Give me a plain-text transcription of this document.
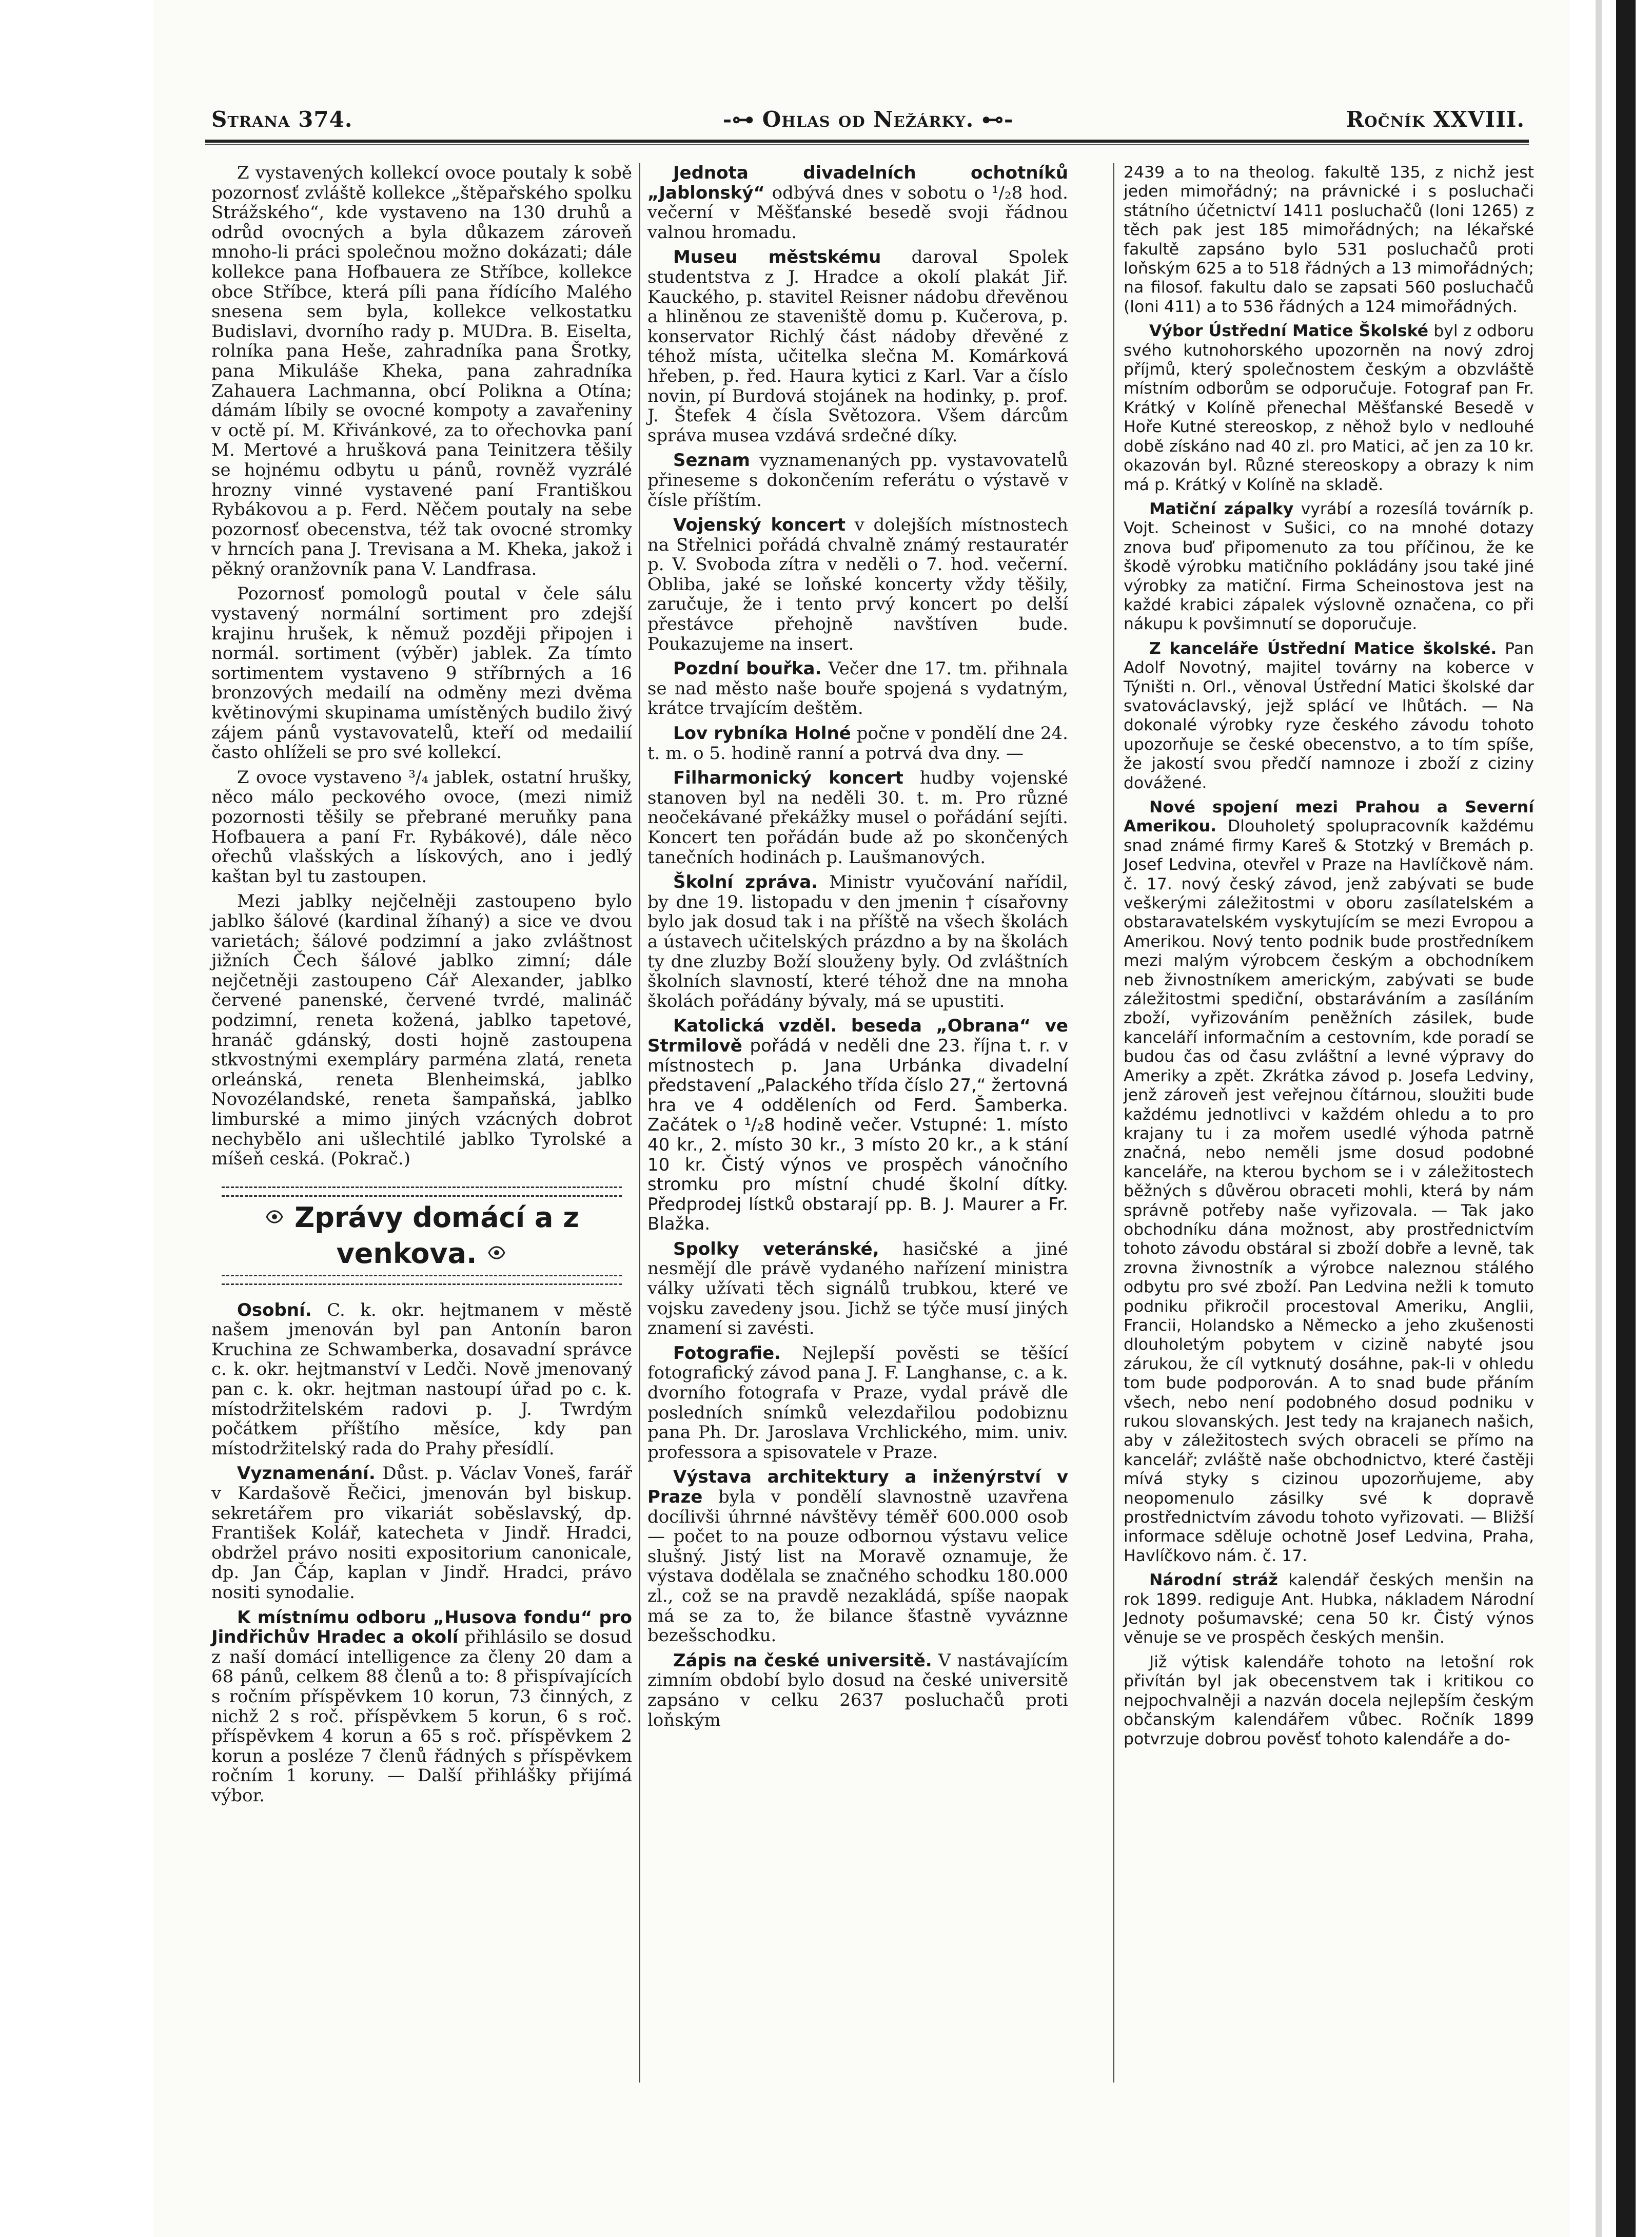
Strana 374.	-⊶ Ohlas od Nežárky. ⊷-	Ročník XXVIII.

Z vystavených kollekcí ovoce poutaly k sobě pozornosť zvláště kollekce „štěpařského spolku Strážského“, kde vystaveno na 130 druhů a odrůd ovocných a byla důkazem zároveň mnoho-li práci společnou možno dokázati; dále kollekce pana Hofbauera ze Stříbce, kollekce obce Stříbce, která píli pana řídícího Malého snesena sem byla, kollekce velkostatku Budislavi, dvorního rady p. MUDra. B. Eiselta, rolníka pana Heše, zahradníka pana Šrotky, pana Mikuláše Kheka, pana zahradníka Zahauera Lachmanna, obcí Polikna a Otína; dámám líbily se ovocné kompoty a zavařeniny v octě pí. M. Křivánkové, za to ořechovka paní M. Mertové a hrušková pana Teinitzera těšily se hojnému odbytu u pánů, rovněž vyzrálé hrozny vinné vystavené paní Františkou Rybákovou a p. Ferd. Něčem poutaly na sebe pozornosť obecenstva, též tak ovocné stromky v hrncích pana J. Trevisana a M. Kheka, jakož i pěkný oranžovník pana V. Landfrasa.

Pozornosť pomologů poutal v čele sálu vystavený normální sortiment pro zdejší krajinu hrušek, k němuž později připojen i normál. sortiment (výběr) jablek. Za tímto sortimentem vystaveno 9 stříbrných a 16 bronzových medailí na odměny mezi dvěma květinovými skupinama umístěných budilo živý zájem pánů vystavovatelů, kteří od medailií často ohlíželi se pro své kollekcí.

Z ovoce vystaveno ³/₄ jablek, ostatní hrušky, něco málo peckového ovoce, (mezi nimiž pozornosti těšily se přebrané meruňky pana Hofbauera a paní Fr. Rybákové), dále něco ořechů vlašských a lískových, ano i jedlý kaštan byl tu zastoupen.

Mezi jablky nejčelněji zastoupeno bylo jablko šálové (kardinal žíhaný) a sice ve dvou varietách; šálové podzimní a jako zvláštnost jižních Čech šálové jablko zimní; dále nejčetněji zastoupeno Cář Alexander, jablko červené panenské, červené tvrdé, malináč podzimní, reneta kožená, jablko tapetové, hranáč gdánský, dosti hojně zastoupena stkvostnými exempláry parména zlatá, reneta orleánská, reneta Blenheimská, jablko Novozélandské, reneta šampaňská, jablko limburské a mimo jiných vzácných dobrot nechybělo ani ušlechtilé jablko Tyrolské a míšeň ceská. (Pokrač.)

Zprávy domácí a z venkova.

Osobní. C. k. okr. hejtmanem v městě našem jmenován byl pan Antonín baron Kruchina ze Schwamberka, dosavadní správce c. k. okr. hejtmanství v Ledči. Nově jmenovaný pan c. k. okr. hejtman nastoupí úřad po c. k. místodržitelském radovi p. J. Twrdým počátkem příštího měsíce, kdy pan místodržitelský rada do Prahy přesídlí.

Vyznamenání. Důst. p. Václav Voneš, farář v Kardašově Řečici, jmenován byl biskup. sekretářem pro vikariát soběslavský, dp. František Kolář, katecheta v Jindř. Hradci, obdržel právo nositi expositorium canonicale, dp. Jan Čáp, kaplan v Jindř. Hradci, právo nositi synodalie.

K místnímu odboru „Husova fondu“ pro Jindřichův Hradec a okolí přihlásilo se dosud z naší domácí intelligence za členy 20 dam a 68 pánů, celkem 88 členů a to: 8 přispívajících s ročním příspěvkem 10 korun, 73 činných, z nichž 2 s roč. příspěvkem 5 korun, 6 s roč. příspěvkem 4 korun a 65 s roč. příspěvkem 2 korun a posléze 7 členů řádných s příspěvkem ročním 1 koruny. — Další přihlášky přijímá výbor.

Jednota divadelních ochotníků „Jablonský“ odbývá dnes v sobotu o ¹/₂8 hod. večerní v Měšťanské besedě svoji řádnou valnou hromadu.

Museu městskému daroval Spolek studentstva z J. Hradce a okolí plakát Jiř. Kauckého, p. stavitel Reisner nádobu dřevěnou a hliněnou ze staveniště domu p. Kučerova, p. konservator Richlý část nádoby dřevěné z téhož místa, učitelka slečna M. Komárková hřeben, p. řed. Haura kytici z Karl. Var a číslo novin, pí Burdová stojánek na hodinky, p. prof. J. Štefek 4 čísla Světozora. Všem dárcům správa musea vzdává srdečné díky.

Seznam vyznamenaných pp. vystavovatelů přineseme s dokončením referátu o výstavě v čísle příštím.

Vojenský koncert v dolejších místnostech na Střelnici pořádá chvalně známý restauratér p. V. Svoboda zítra v neděli o 7. hod. večerní. Obliba, jaké se loňské koncerty vždy těšily, zaručuje, že i tento prvý koncert po delší přestávce přehojně navštíven bude. Poukazujeme na insert.

Pozdní bouřka. Večer dne 17. tm. přihnala se nad město naše bouře spojená s vydatným, krátce trvajícím deštěm.

Lov rybníka Holné počne v pondělí dne 24. t. m. o 5. hodině ranní a potrvá dva dny. —

Filharmonický koncert hudby vojenské stanoven byl na neděli 30. t. m. Pro různé neočekávané překážky musel o pořádání sejíti. Koncert ten pořádán bude až po skončených tanečních hodinách p. Laušmanových.

Školní zpráva. Ministr vyučování nařídil, by dne 19. listopadu v den jmenin † císařovny bylo jak dosud tak i na příště na všech školách a ústavech učitelských prázdno a by na školách ty dne zluzby Boží slouženy byly. Od zvláštních školních slavností, které téhož dne na mnoha školách pořádány bývaly, má se upustiti.

Katolická vzděl. beseda „Obrana“ ve Strmilově pořádá v neděli dne 23. října t. r. v místnostech p. Jana Urbánka divadelní představení „Palackého třída číslo 27,“ žertovná hra ve 4 odděleních od Ferd. Šamberka. Začátek o ¹/₂8 hodině večer. Vstupné: 1. místo 40 kr., 2. místo 30 kr., 3 místo 20 kr., a k stání 10 kr. Čistý výnos ve prospěch vánočního stromku pro místní chudé školní dítky. Předprodej lístků obstarají pp. B. J. Maurer a Fr. Blažka.

Spolky veteránské, hasičské a jiné nesmějí dle právě vydaného nařízení ministra války užívati těch signálů trubkou, které ve vojsku zavedeny jsou. Jichž se týče musí jiných znamení si zavésti.

Fotografie. Nejlepší pověsti se těšící fotografický závod pana J. F. Langhanse, c. a k. dvorního fotografa v Praze, vydal právě dle posledních snímků velezdařilou podobiznu pana Ph. Dr. Jaroslava Vrchlického, mim. univ. professora a spisovatele v Praze.

Výstava architektury a inženýrství v Praze byla v pondělí slavnostně uzavřena docílivši úhrnné návštěvy téměř 600.000 osob — počet to na pouze odbornou výstavu velice slušný. Jistý list na Moravě oznamuje, že výstava dodělala se značného schodku 180.000 zl., což se na pravdě nezakládá, spíše naopak má se za to, že bilance šťastně vyváznne bezešschodku.

Zápis na české universitě. V nastávajícím zimním období bylo dosud na české universitě zapsáno v celku 2637 posluchačů proti loňským

2439 a to na theolog. fakultě 135, z nichž jest jeden mimořádný; na právnické i s posluchači státního účetnictví 1411 posluchačů (loni 1265) z těch pak jest 185 mimořádných; na lékařské fakultě zapsáno bylo 531 posluchačů proti loňským 625 a to 518 řádných a 13 mimořádných; na filosof. fakultu dalo se zapsati 560 posluchačů (loni 411) a to 536 řádných a 124 mimořádných.

Výbor Ústřední Matice Školské byl z odboru svého kutnohorského upozorněn na nový zdroj příjmů, který společnostem českým a obzvláště místním odborům se odporučuje. Fotograf pan Fr. Krátký v Kolíně přenechal Měšťanské Besedě v Hoře Kutné stereoskop, z něhož bylo v nedlouhé době získáno nad 40 zl. pro Matici, ač jen za 10 kr. okazován byl. Různé stereoskopy a obrazy k nim má p. Krátký v Kolíně na skladě.

Matiční zápalky vyrábí a rozesílá továrník p. Vojt. Scheinost v Sušici, co na mnohé dotazy znova buď připomenuto za tou příčinou, že ke škodě výrobku matičního pokládány jsou také jiné výrobky za matiční. Firma Scheinostova jest na každé krabici zápalek výslovně označena, co při nákupu k povšimnutí se doporučuje.

Z kanceláře Ústřední Matice školské. Pan Adolf Novotný, majitel továrny na koberce v Týništi n. Orl., věnoval Ústřední Matici školské dar svatováclavský, jejž splácí ve lhůtách. — Na dokonalé výrobky ryze českého závodu tohoto upozorňuje se české obecenstvo, a to tím spíše, že jakostí svou předčí namnoze i zboží z ciziny dovážené.

Nové spojení mezi Prahou a Severní Amerikou. Dlouholetý spolupracovník každému snad známé firmy Kareš & Stotzký v Bremách p. Josef Ledvina, otevřel v Praze na Havlíčkově nám. č. 17. nový český závod, jenž zabývati se bude veškerými záležitostmi v oboru zasílatelském a obstaravatelském vyskytujícím se mezi Evropou a Amerikou. Nový tento podnik bude prostředníkem mezi malým výrobcem českým a obchodníkem neb živnostníkem americkým, zabývati se bude záležitostmi spediční, obstaráváním a zasíláním zboží, vyřizováním peněžních zásilek, bude kanceláří informačním a cestovním, kde poradí se budou čas od času zvláštní a levné výpravy do Ameriky a zpět. Zkrátka závod p. Josefa Ledviny, jenž zároveň jest veřejnou čítárnou, sloužiti bude každému jednotlivci v každém ohledu a to pro krajany tu i za mořem usedlé výhoda patrně značná, nebo neměli jsme dosud podobné kanceláře, na kterou bychom se i v záležitostech běžných s důvěrou obraceti mohli, která by nám správně potřeby naše vyřizovala. — Tak jako obchodníku dána možnost, aby prostřednictvím tohoto závodu obstáral si zboží dobře a levně, tak zrovna živnostník a výrobce naleznou stálého odbytu pro své zboží. Pan Ledvina nežli k tomuto podniku přikročil procestoval Ameriku, Anglii, Francii, Holandsko a Německo a jeho zkušenosti dlouholetým pobytem v cizině nabyté jsou zárukou, že cíl vytknutý dosáhne, pak-li v ohledu tom bude podporován. A to snad bude přáním všech, nebo není podobného dosud podniku v rukou slovanských. Jest tedy na krajanech našich, aby v záležitostech svých obraceli se přímo na kancelář; zvláště naše obchodnictvo, které častěji mívá styky s cizinou upozorňujeme, aby neopomenulo zásilky své k dopravě prostřednictvím závodu tohoto vyřizovati. — Bližší informace sděluje ochotně Josef Ledvina, Praha, Havlíčkovo nám. č. 17.

Národní stráž kalendář českých menšin na rok 1899. rediguje Ant. Hubka, nákladem Národní Jednoty pošumavské; cena 50 kr. Čistý výnos věnuje se ve prospěch českých menšin.

Již výtisk kalendáře tohoto na letošní rok přivítán byl jak obecenstvem tak i kritikou co nejpochvalněji a nazván docela nejlepším českým občanským kalendářem vůbec. Ročník 1899 potvrzuje dobrou pověsť tohoto kalendáře a do-
